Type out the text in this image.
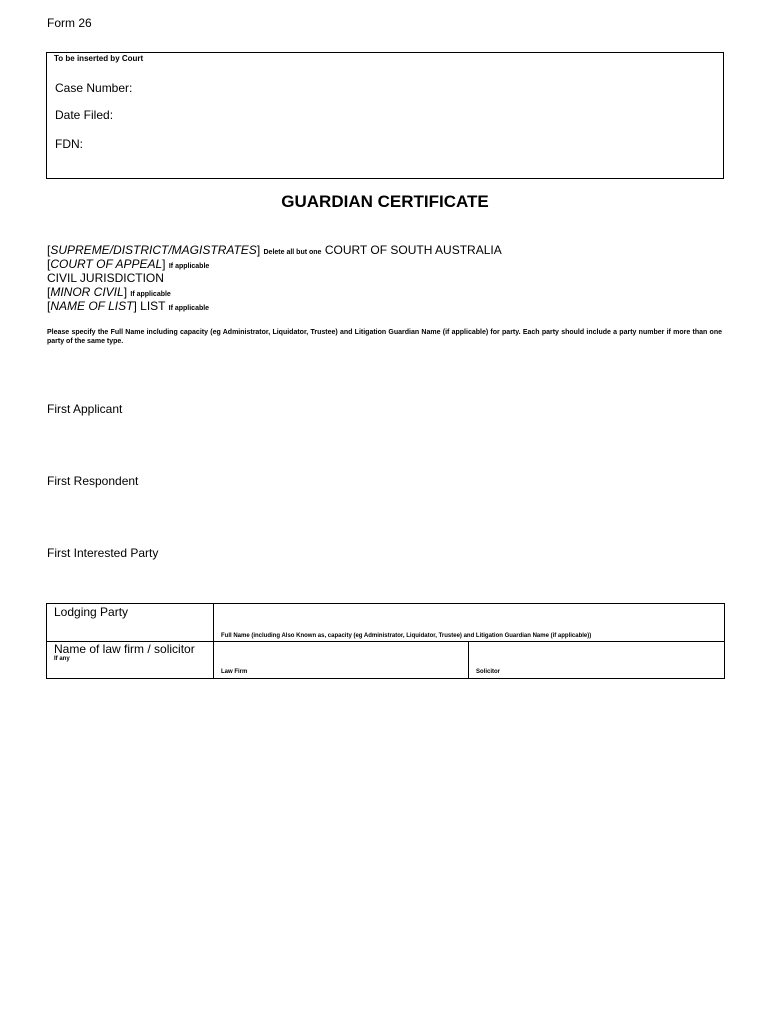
Form 26
To be inserted by Court
Case Number:
Date Filed:
FDN:
GUARDIAN CERTIFICATE
[SUPREME/DISTRICT/MAGISTRATES] Delete all but one COURT OF SOUTH AUSTRALIA
[COURT OF APPEAL] If applicable
CIVIL JURISDICTION
[MINOR CIVIL] If applicable
[NAME OF LIST] LIST If applicable
Please specify the Full Name including capacity (eg Administrator, Liquidator, Trustee) and Litigation Guardian Name (if applicable) for party. Each party should include a party number if more than one party of the same type.
First Applicant
First Respondent
First Interested Party
Lodging Party
Full Name (including Also Known as, capacity (eg Administrator, Liquidator, Trustee) and Litigation Guardian Name (if applicable))
Name of law firm / solicitor
If any
Law Firm	Solicitor
